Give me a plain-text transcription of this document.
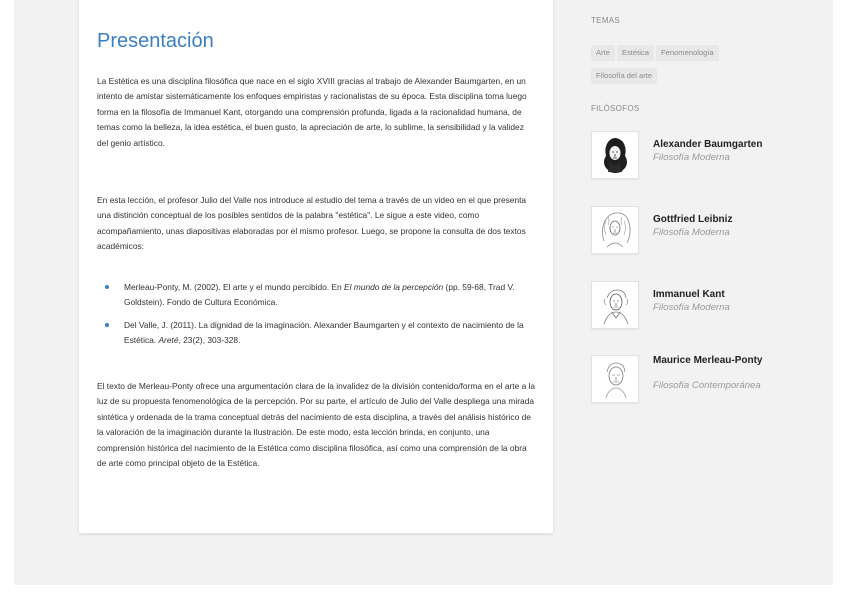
Presentación

La Estética es una disciplina filosófica que nace en el siglo XVIII gracias al trabajo de Alexander Baumgarten, en un intento de amistar sistemáticamente los enfoques empiristas y racionalistas de su época. Esta disciplina toma luego forma en la filosofía de Immanuel Kant, otorgando una comprensión profunda, ligada a la racionalidad humana, de temas como la belleza, la idea estética, el buen gusto, la apreciación de arte, lo sublime, la sensibilidad y la validez del genio artístico.

En esta lección, el profesor Julio del Valle nos introduce al estudio del tema a través de un video en el que presenta una distinción conceptual de los posibles sentidos de la palabra "estética". Le sigue a este video, como acompañamiento, unas diapositivas elaboradas por el mismo profesor. Luego, se propone la consulta de dos textos académicos:

Merleau-Ponty, M. (2002). El arte y el mundo percibido. En El mundo de la percepción (pp. 59-68, Trad V. Goldstein). Fondo de Cultura Económica.
Del Valle, J. (2011). La dignidad de la imaginación. Alexander Baumgarten y el contexto de nacimiento de la Estética. Areté, 23(2), 303-328.

El texto de Merleau-Ponty ofrece una argumentación clara de la invalidez de la división contenido/forma en el arte a la luz de su propuesta fenomenológica de la percepción. Por su parte, el artículo de Julio del Valle despliega una mirada sintética y ordenada de la trama conceptual detrás del nacimiento de esta disciplina, a través del análisis histórico de la valoración de la imaginación durante la Ilustración. De este modo, esta lección brinda, en conjunto, una comprensión histórica del nacimiento de la Estética como disciplina filosófica, así como una comprensión de la obra de arte como principal objeto de la Estética.

TEMAS
Arte Estética FenomenologíaFilosofía del arte
FILÓSOFOS
Alexander Baumgarten
Filosofía Moderna
Gottfried Leibniz
Filosofía Moderna
Immanuel Kant
Filosofía Moderna
Maurice Merleau-Ponty
Filosofía Contemporánea
